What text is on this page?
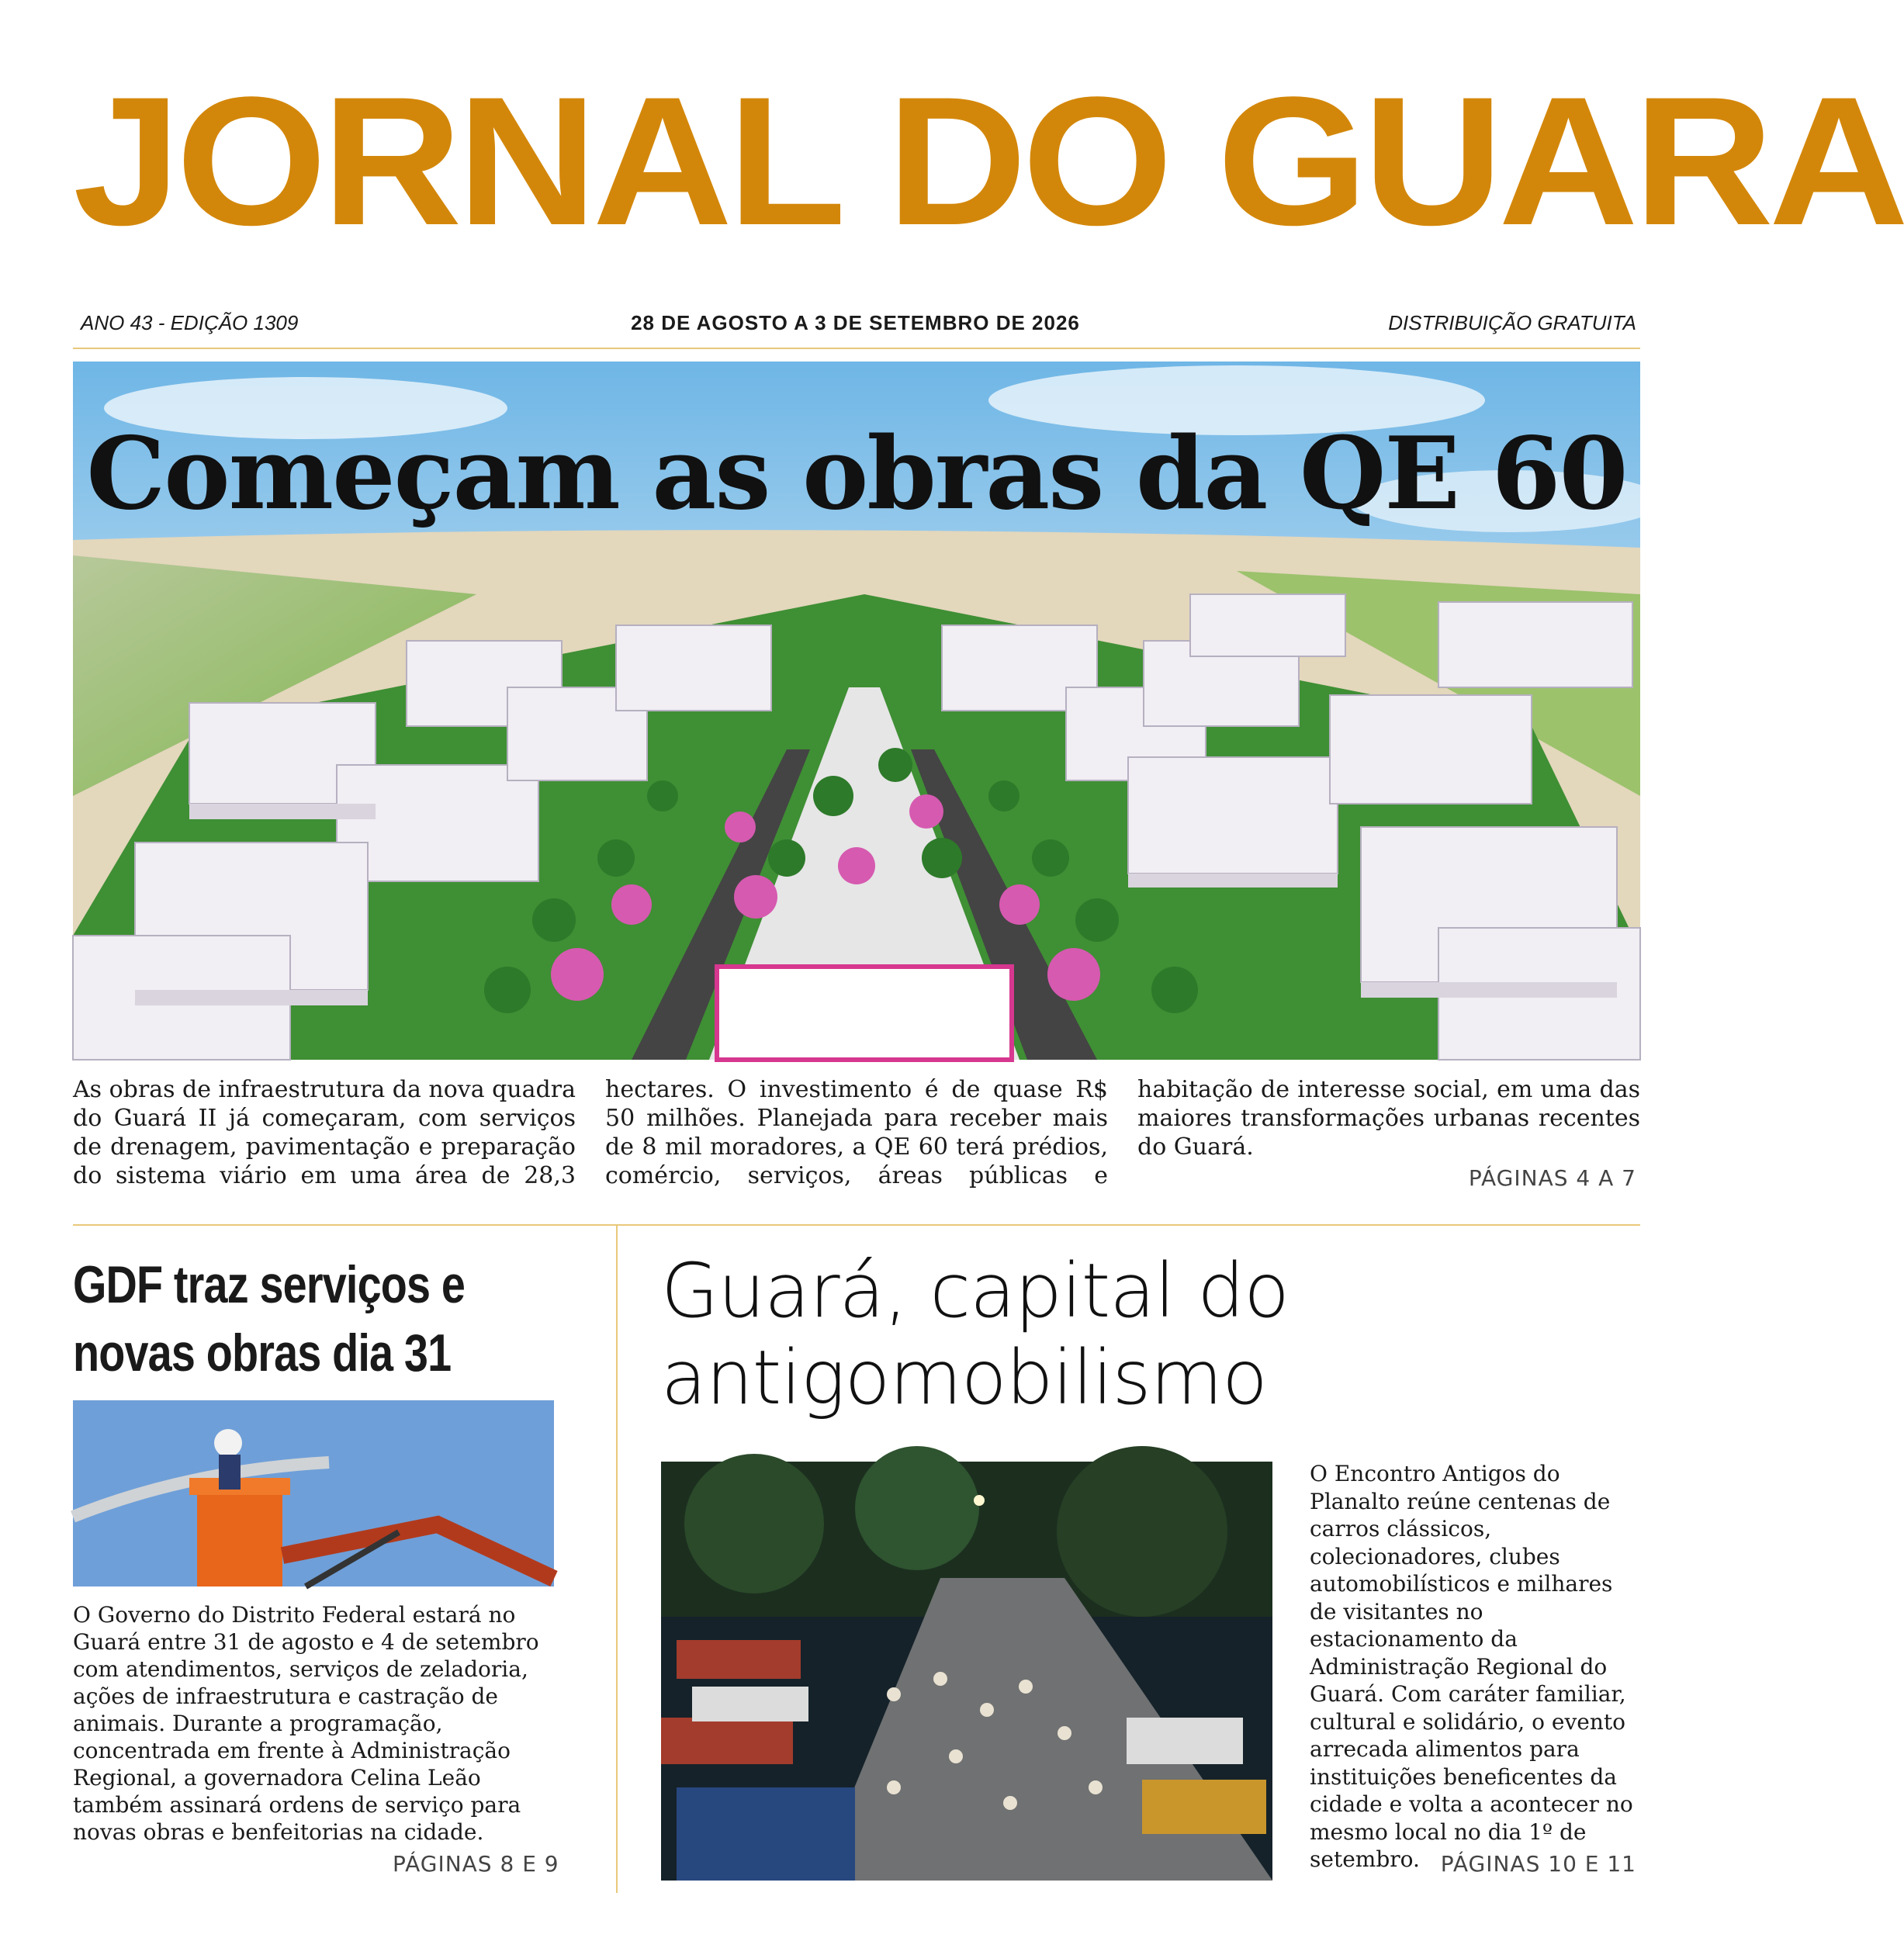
JORNAL DO GUARA
ANO 43 - EDIÇÃO 1309	28 DE AGOSTO A 3 DE SETEMBRO DE 2026	DISTRIBUIÇÃO GRATUITA
Começam as obras da QE 60
As obras de infraestrutura da nova quadra do Guará II já começaram, com serviços de drenagem, pavimentação e preparação do sistema viário em uma área de 28,3 hectares. O investimento é de quase R$ 50 milhões. Planejada para receber mais de 8 mil moradores, a QE 60 terá prédios, comércio, serviços, áreas públicas e habitação de interesse social, em uma das maiores transformações urbanas recentes do Guará.
PÁGINAS 4 A 7
GDF traz serviços e
novas obras dia 31
O Governo do Distrito Federal estará no Guará entre 31 de agosto e 4 de setembro com atendimentos, serviços de zeladoria, ações de infraestrutura e castração de animais. Durante a programação, concentrada em frente à Administração Regional, a governadora Celina Leão também assinará ordens de serviço para novas obras e benfeitorias na cidade.
PÁGINAS 8 E 9
Guará, capital do
antigomobilismo
O Encontro Antigos do Planalto reúne centenas de carros clássicos, colecionadores, clubes automobilísticos e milhares de visitantes no estacionamento da Administração Regional do Guará. Com caráter familiar, cultural e solidário, o evento arrecada alimentos para instituições beneficentes da cidade e volta a acontecer no mesmo local no dia 1º de setembro. PÁGINAS 10 E 11
